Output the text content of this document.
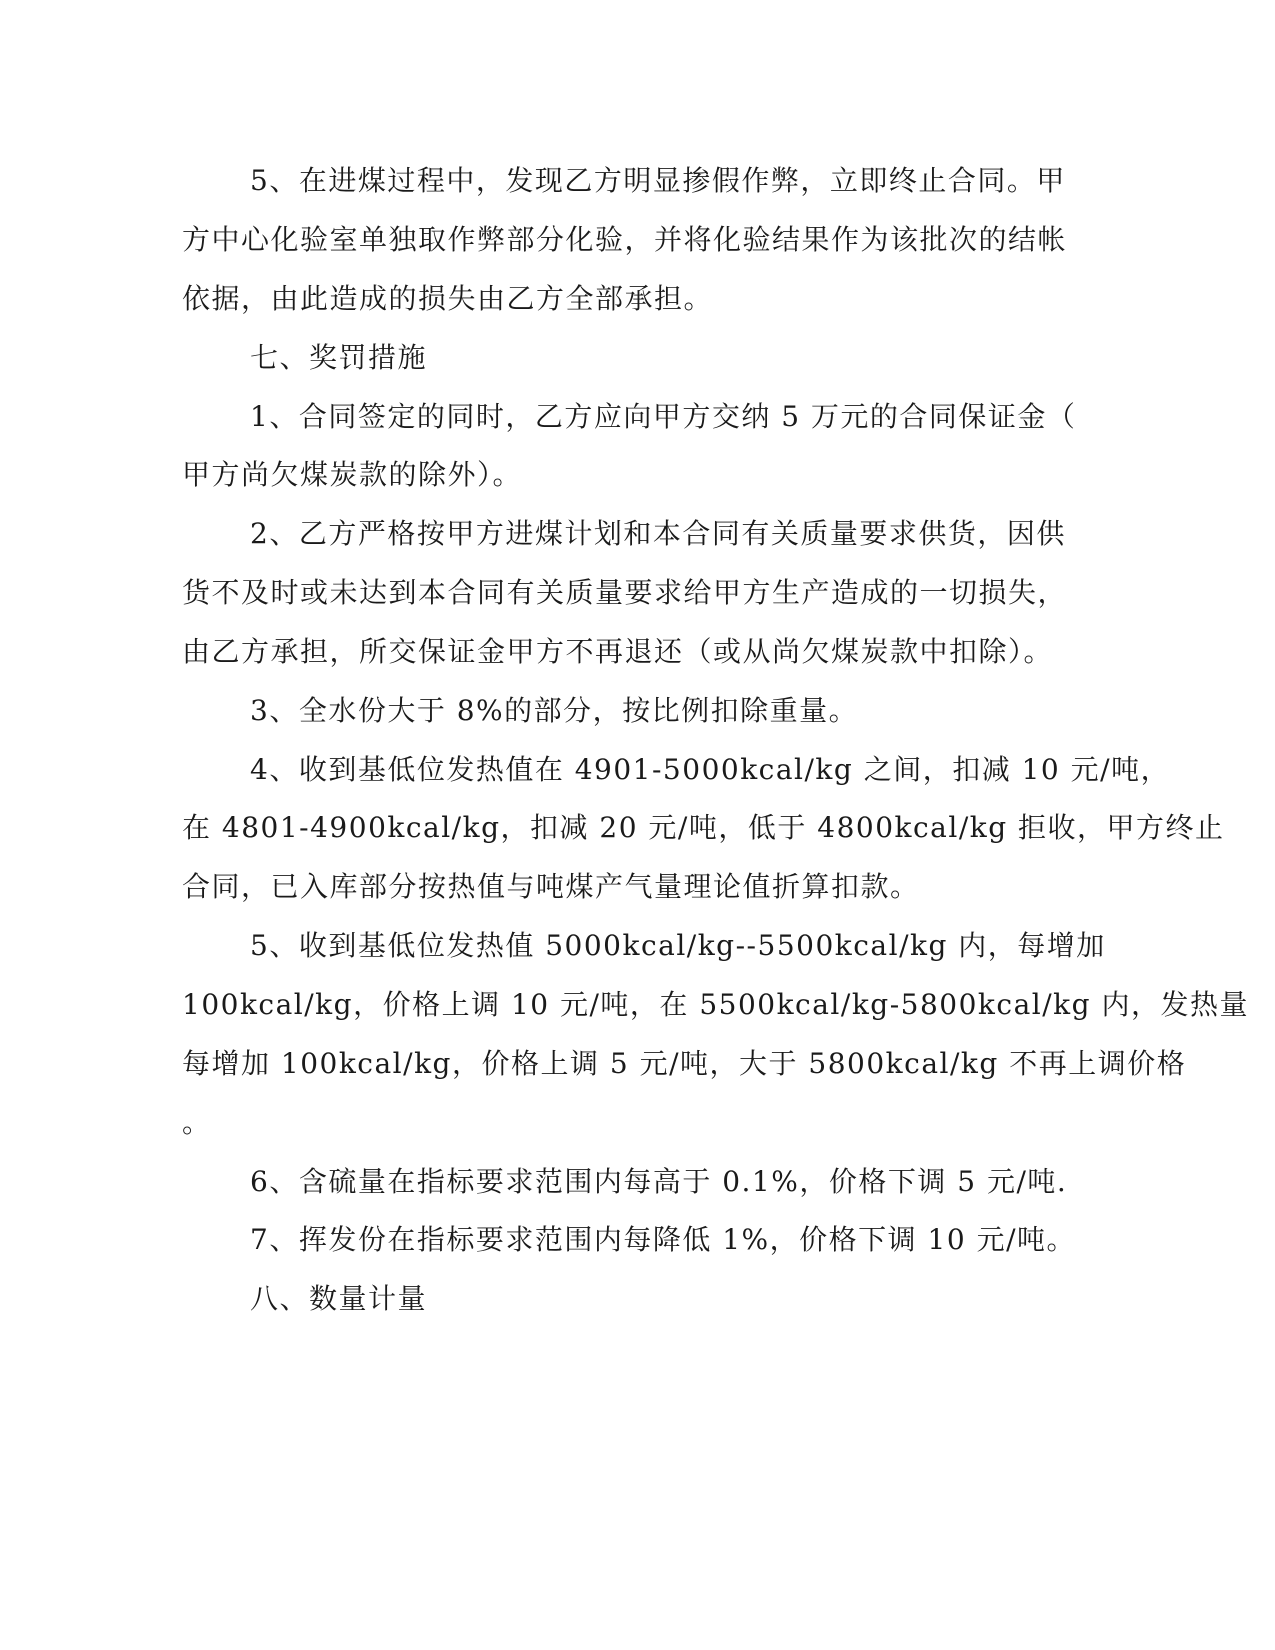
5、在进煤过程中，发现乙方明显掺假作弊，立即终止合同。甲
方中心化验室单独取作弊部分化验，并将化验结果作为该批次的结帐
依据，由此造成的损失由乙方全部承担。
七、奖罚措施
1、合同签定的同时，乙方应向甲方交纳 5 万元的合同保证金（
甲方尚欠煤炭款的除外）。
2、乙方严格按甲方进煤计划和本合同有关质量要求供货，因供
货不及时或未达到本合同有关质量要求给甲方生产造成的一切损失，
由乙方承担，所交保证金甲方不再退还（或从尚欠煤炭款中扣除）。
3、全水份大于 8%的部分，按比例扣除重量。
4、收到基低位发热值在 4901-5000kcal/kg 之间，扣减 10 元/吨，
在 4801-4900kcal/kg，扣减 20 元/吨，低于 4800kcal/kg 拒收，甲方终止
合同，已入库部分按热值与吨煤产气量理论值折算扣款。
5、收到基低位发热值 5000kcal/kg--5500kcal/kg 内，每增加
100kcal/kg，价格上调 10 元/吨，在 5500kcal/kg-5800kcal/kg 内，发热量
每增加 100kcal/kg，价格上调 5 元/吨，大于 5800kcal/kg 不再上调价格
。
6、含硫量在指标要求范围内每高于 0.1%，价格下调 5 元/吨.
7、挥发份在指标要求范围内每降低 1%，价格下调 10 元/吨。
八、数量计量
